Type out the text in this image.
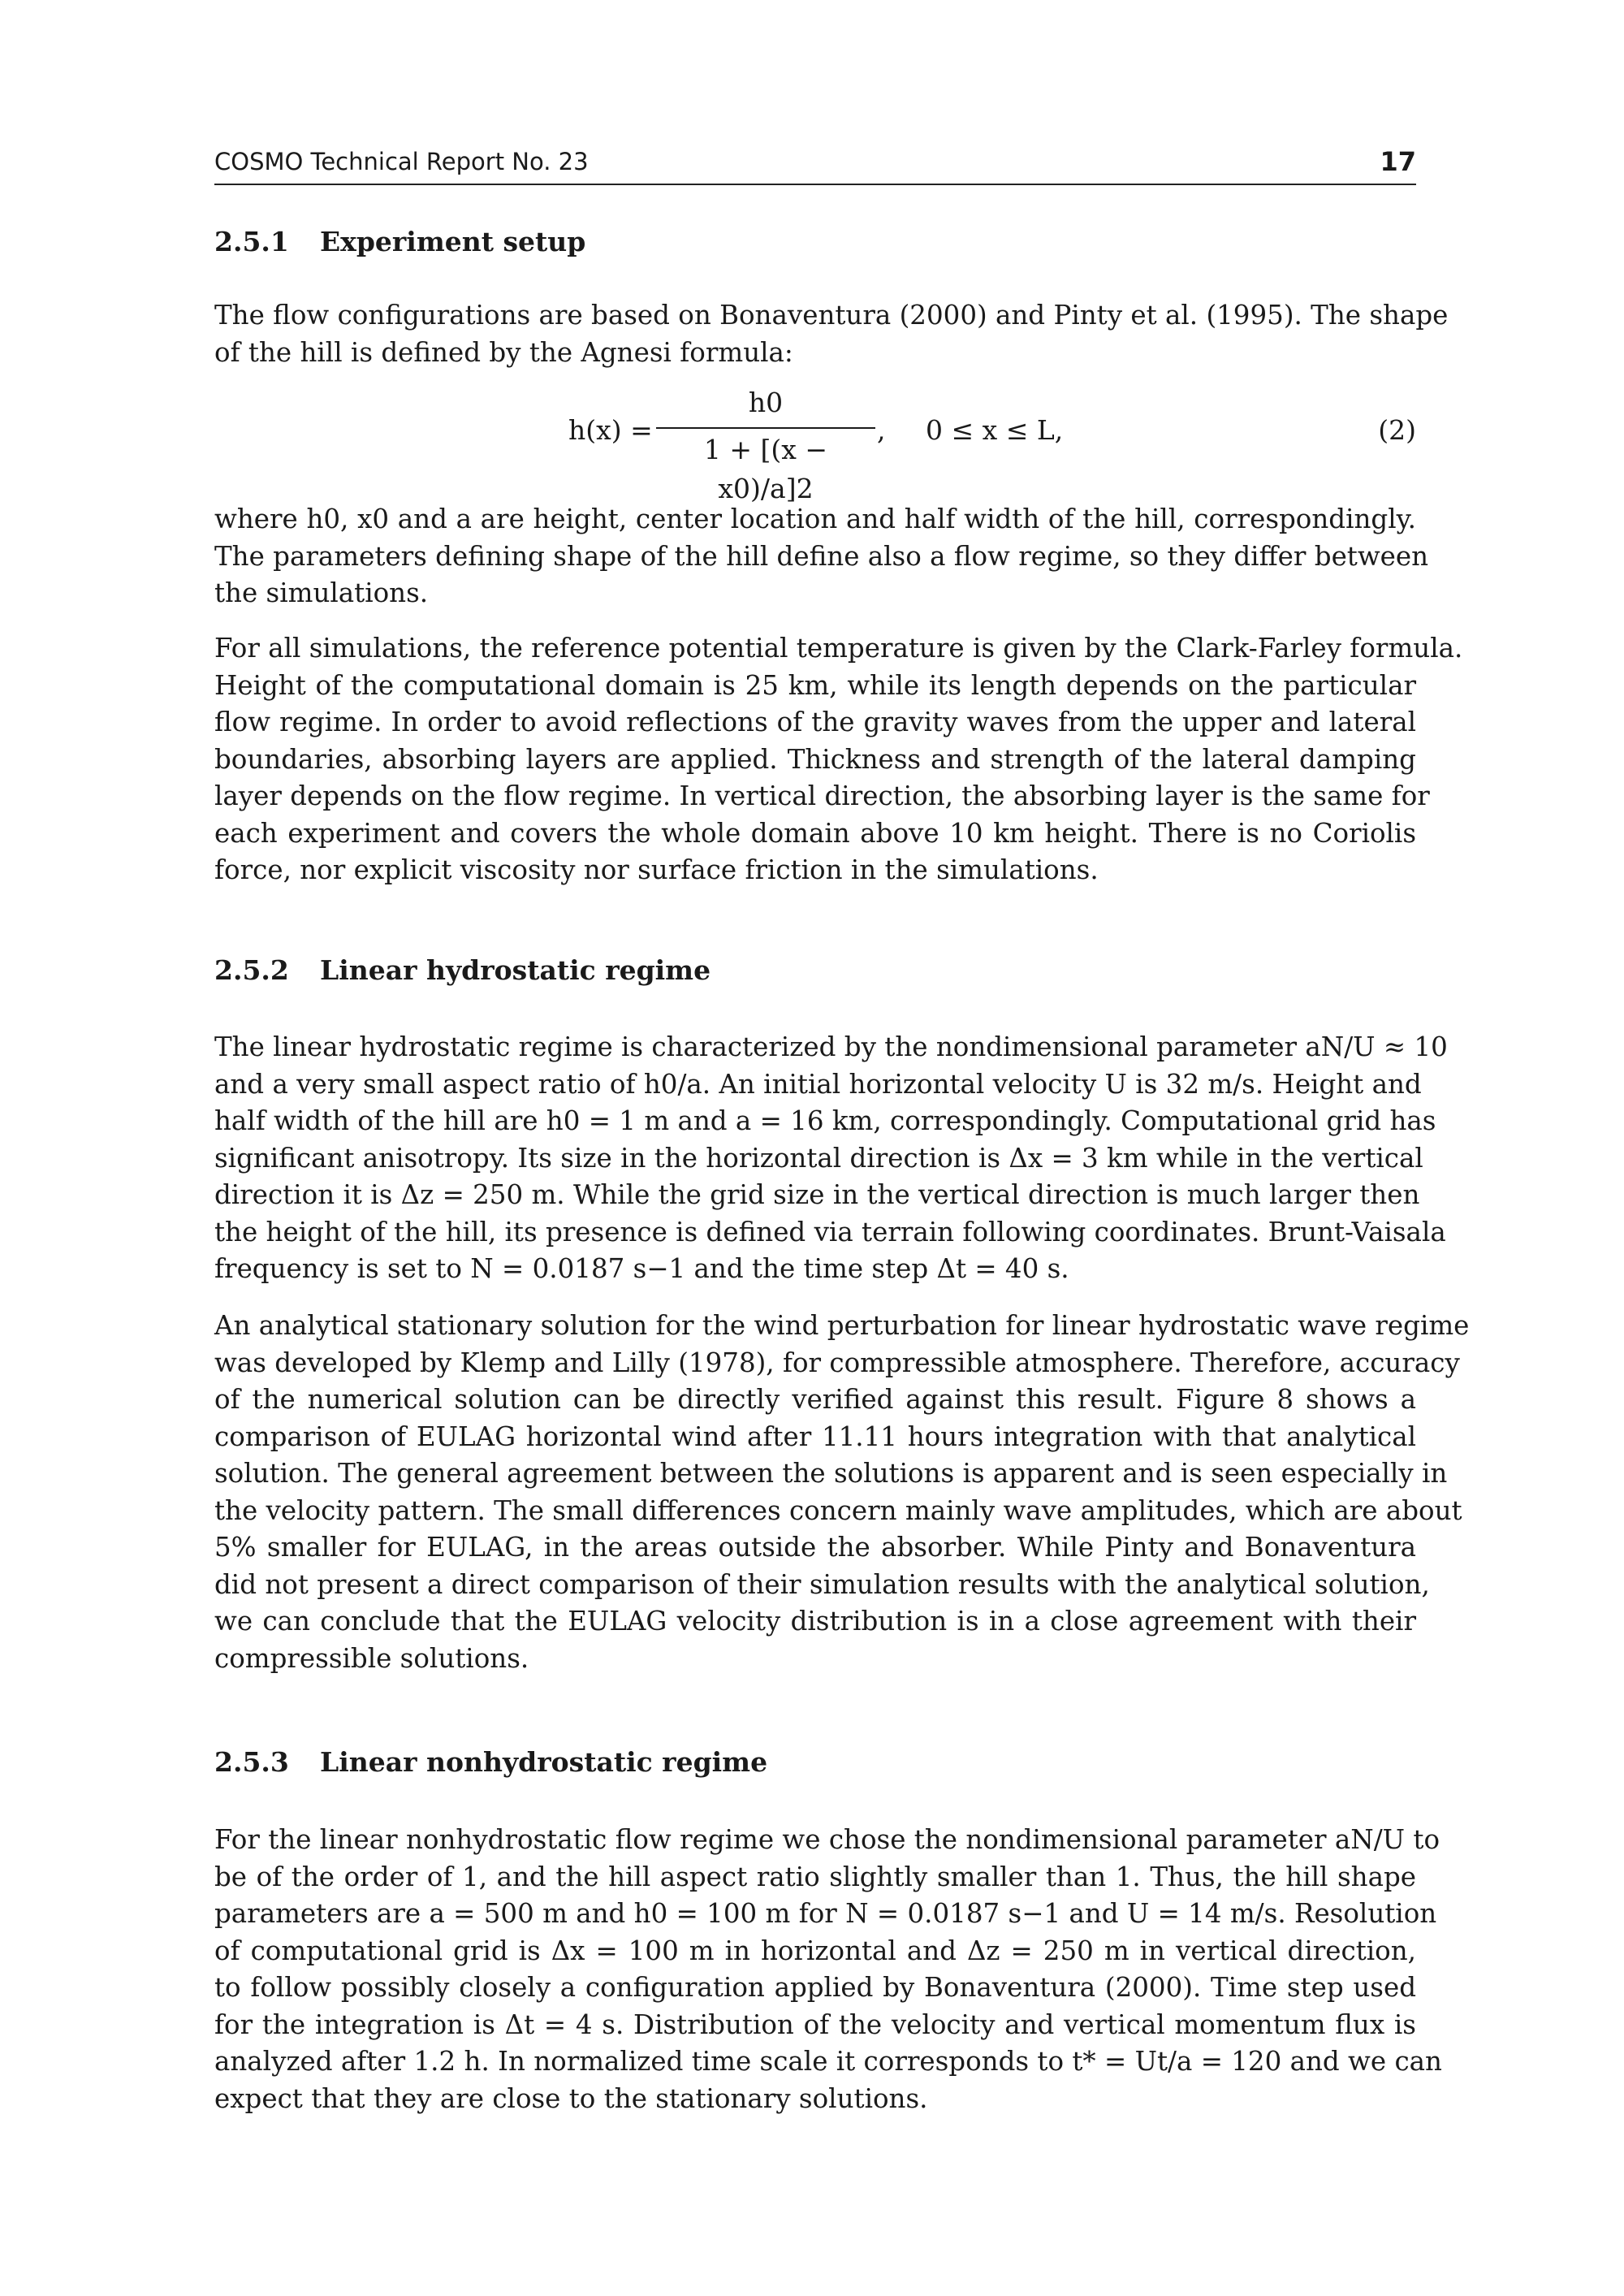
COSMO Technical Report No. 23	17
2.5.1 Experiment setup
The flow configurations are based on Bonaventura (2000) and Pinty et al. (1995). The shape
of the hill is defined by the Agnesi formula:
h(x) =
h0
1 + [(x − x0)/a]2
, 0 ≤ x ≤ L,	(2)
where h0, x0 and a are height, center location and half width of the hill, correspondingly.
The parameters defining shape of the hill define also a flow regime, so they differ between
the simulations.
For all simulations, the reference potential temperature is given by the Clark-Farley formula.
Height of the computational domain is 25 km, while its length depends on the particular
flow regime. In order to avoid reflections of the gravity waves from the upper and lateral
boundaries, absorbing layers are applied. Thickness and strength of the lateral damping
layer depends on the flow regime. In vertical direction, the absorbing layer is the same for
each experiment and covers the whole domain above 10 km height. There is no Coriolis
force, nor explicit viscosity nor surface friction in the simulations.
2.5.2 Linear hydrostatic regime
The linear hydrostatic regime is characterized by the nondimensional parameter aN/U ≈ 10
and a very small aspect ratio of h0/a. An initial horizontal velocity U is 32 m/s. Height and
half width of the hill are h0 = 1 m and a = 16 km, correspondingly. Computational grid has
significant anisotropy. Its size in the horizontal direction is Δx = 3 km while in the vertical
direction it is Δz = 250 m. While the grid size in the vertical direction is much larger then
the height of the hill, its presence is defined via terrain following coordinates. Brunt-Vaisala
frequency is set to N = 0.0187 s−1 and the time step Δt = 40 s.
An analytical stationary solution for the wind perturbation for linear hydrostatic wave regime
was developed by Klemp and Lilly (1978), for compressible atmosphere. Therefore, accuracy
of the numerical solution can be directly verified against this result. Figure 8 shows a
comparison of EULAG horizontal wind after 11.11 hours integration with that analytical
solution. The general agreement between the solutions is apparent and is seen especially in
the velocity pattern. The small differences concern mainly wave amplitudes, which are about
5% smaller for EULAG, in the areas outside the absorber. While Pinty and Bonaventura
did not present a direct comparison of their simulation results with the analytical solution,
we can conclude that the EULAG velocity distribution is in a close agreement with their
compressible solutions.
2.5.3 Linear nonhydrostatic regime
For the linear nonhydrostatic flow regime we chose the nondimensional parameter aN/U to
be of the order of 1, and the hill aspect ratio slightly smaller than 1. Thus, the hill shape
parameters are a = 500 m and h0 = 100 m for N = 0.0187 s−1 and U = 14 m/s. Resolution
of computational grid is Δx = 100 m in horizontal and Δz = 250 m in vertical direction,
to follow possibly closely a configuration applied by Bonaventura (2000). Time step used
for the integration is Δt = 4 s. Distribution of the velocity and vertical momentum flux is
analyzed after 1.2 h. In normalized time scale it corresponds to t* = Ut/a = 120 and we can
expect that they are close to the stationary solutions.
